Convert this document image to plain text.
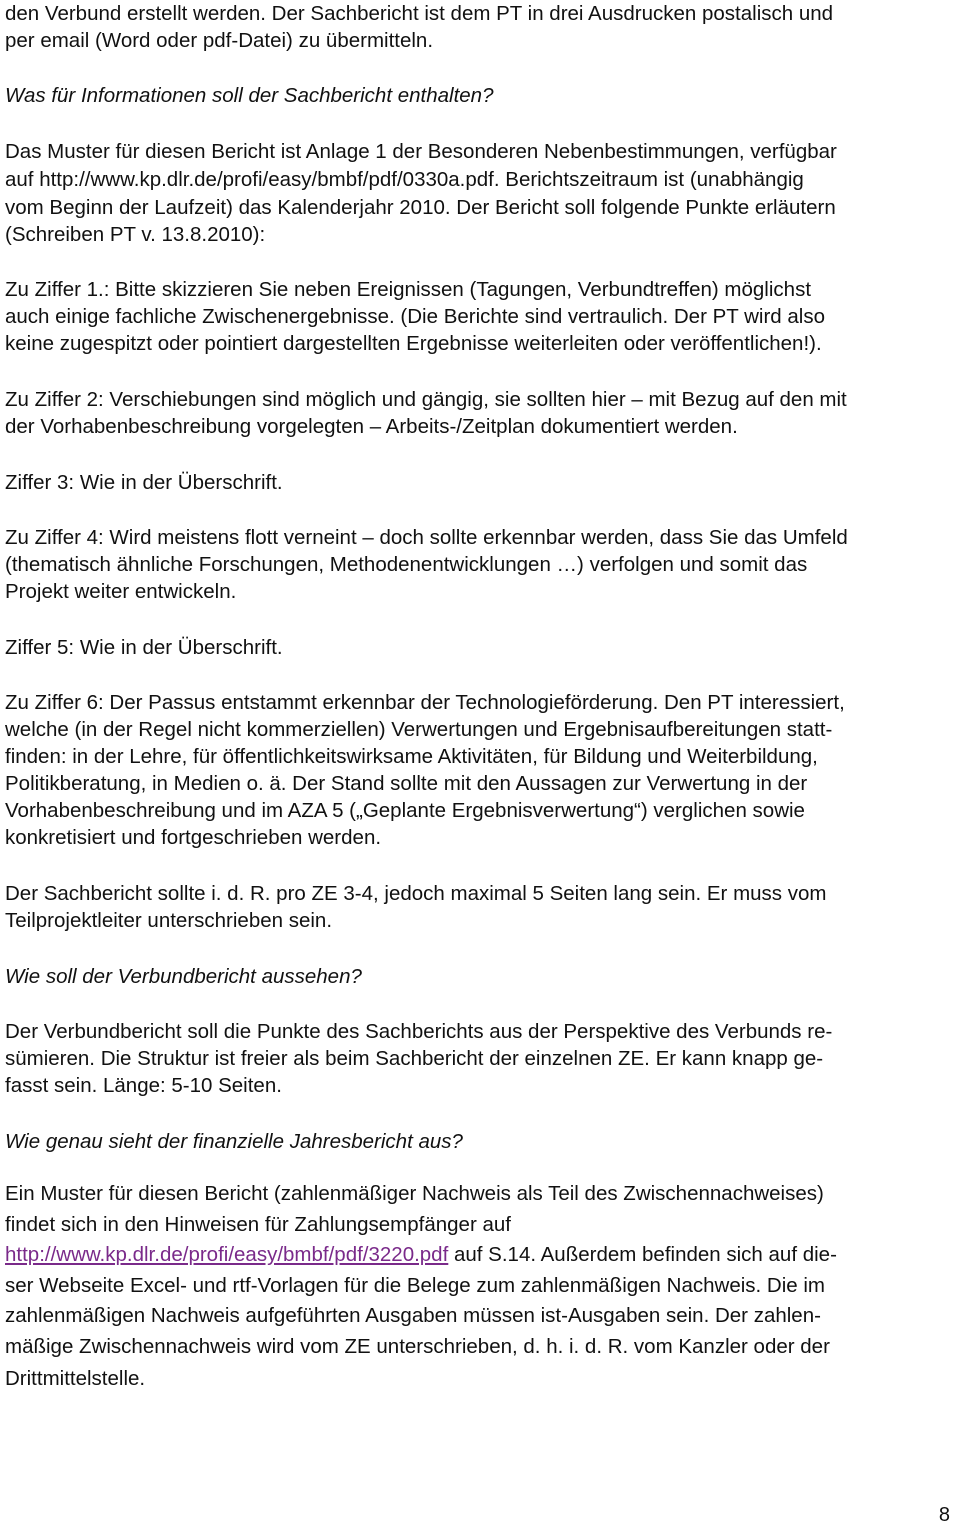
den Verbund erstellt werden. Der Sachbericht ist dem PT in drei Ausdrucken postalisch und
per email (Word oder pdf-Datei) zu übermitteln.
Was für Informationen soll der Sachbericht enthalten?
Das Muster für diesen Bericht ist Anlage 1 der Besonderen Nebenbestimmungen, verfügbar
auf http://www.kp.dlr.de/profi/easy/bmbf/pdf/0330a.pdf. Berichtszeitraum ist (unabhängig
vom Beginn der Laufzeit) das Kalenderjahr 2010. Der Bericht soll folgende Punkte erläutern
(Schreiben PT v. 13.8.2010):
Zu Ziffer 1.: Bitte skizzieren Sie neben Ereignissen (Tagungen, Verbundtreffen) möglichst
auch einige fachliche Zwischenergebnisse. (Die Berichte sind vertraulich. Der PT wird also
keine zugespitzt oder pointiert dargestellten Ergebnisse weiterleiten oder veröffentlichen!).
Zu Ziffer 2: Verschiebungen sind möglich und gängig, sie sollten hier – mit Bezug auf den mit
der Vorhabenbeschreibung vorgelegten – Arbeits-/Zeitplan dokumentiert werden.
Ziffer 3: Wie in der Überschrift.
Zu Ziffer 4: Wird meistens flott verneint – doch sollte erkennbar werden, dass Sie das Umfeld
(thematisch ähnliche Forschungen, Methodenentwicklungen …) verfolgen und somit das
Projekt weiter entwickeln.
Ziffer 5: Wie in der Überschrift.
Zu Ziffer 6: Der Passus entstammt erkennbar der Technologieförderung. Den PT interessiert,
welche (in der Regel nicht kommerziellen) Verwertungen und Ergebnisaufbereitungen statt-
finden: in der Lehre, für öffentlichkeitswirksame Aktivitäten, für Bildung und Weiterbildung,
Politikberatung, in Medien o. ä. Der Stand sollte mit den Aussagen zur Verwertung in der
Vorhabenbeschreibung und im AZA 5 („Geplante Ergebnisverwertung“) verglichen sowie
konkretisiert und fortgeschrieben werden.
Der Sachbericht sollte i. d. R. pro ZE 3-4, jedoch maximal 5 Seiten lang sein. Er muss vom
Teilprojektleiter unterschrieben sein.
Wie soll der Verbundbericht aussehen?
Der Verbundbericht soll die Punkte des Sachberichts aus der Perspektive des Verbunds re-
sümieren. Die Struktur ist freier als beim Sachbericht der einzelnen ZE. Er kann knapp ge-
fasst sein. Länge: 5-10 Seiten.
Wie genau sieht der finanzielle Jahresbericht aus?
Ein Muster für diesen Bericht (zahlenmäßiger Nachweis als Teil des Zwischennachweises)
findet sich in den Hinweisen für Zahlungsempfänger auf
http://www.kp.dlr.de/profi/easy/bmbf/pdf/3220.pdf auf S.14. Außerdem befinden sich auf die-
ser Webseite Excel- und rtf-Vorlagen für die Belege zum zahlenmäßigen Nachweis. Die im
zahlenmäßigen Nachweis aufgeführten Ausgaben müssen ist-Ausgaben sein. Der zahlen-
mäßige Zwischennachweis wird vom ZE unterschrieben, d. h. i. d. R. vom Kanzler oder der
Drittmittelstelle.
8
